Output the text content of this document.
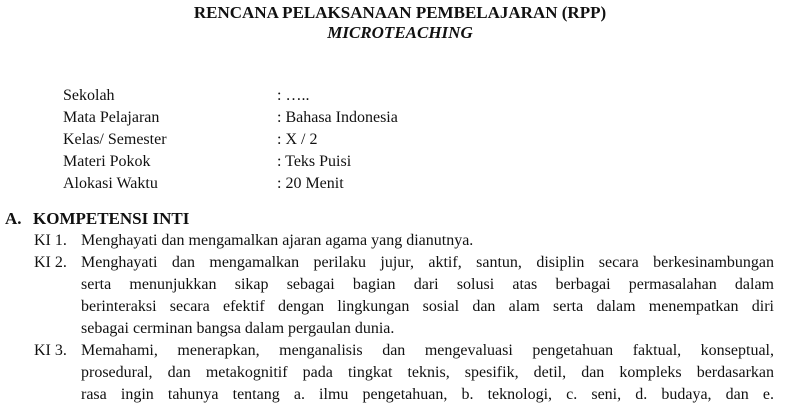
RENCANA PELAKSANAAN PEMBELAJARAN (RPP)
MICROTEACHING
Sekolah	: …..
Mata Pelajaran	: Bahasa Indonesia
Kelas/ Semester	: X / 2
Materi Pokok	: Teks Puisi
Alokasi Waktu	: 20 Menit
A. KOMPETENSI INTI
KI 1. Menghayati dan mengamalkan ajaran agama yang dianutnya.
KI 2. Menghayati dan mengamalkan perilaku jujur, aktif, santun, disiplin secara berkesinambungan
serta menunjukkan sikap sebagai bagian dari solusi atas berbagai permasalahan dalam
berinteraksi secara efektif dengan lingkungan sosial dan alam serta dalam menempatkan diri
sebagai cerminan bangsa dalam pergaulan dunia.
KI 3. Memahami, menerapkan, menganalisis dan mengevaluasi pengetahuan faktual, konseptual,
prosedural, dan metakognitif pada tingkat teknis, spesifik, detil, dan kompleks berdasarkan
rasa ingin tahunya tentang a. ilmu pengetahuan, b. teknologi, c. seni, d. budaya, dan e.
